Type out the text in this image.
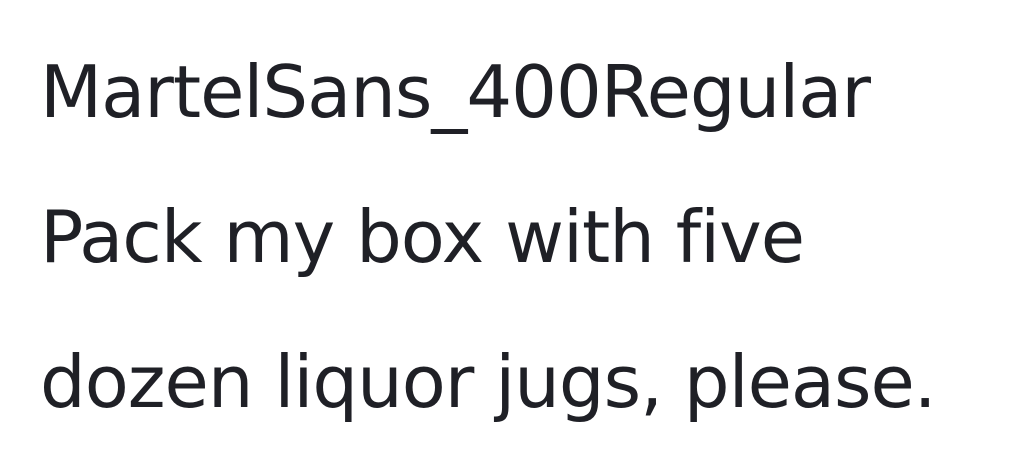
MartelSans_400Regular
Pack my box with five
dozen liquor jugs, please.
